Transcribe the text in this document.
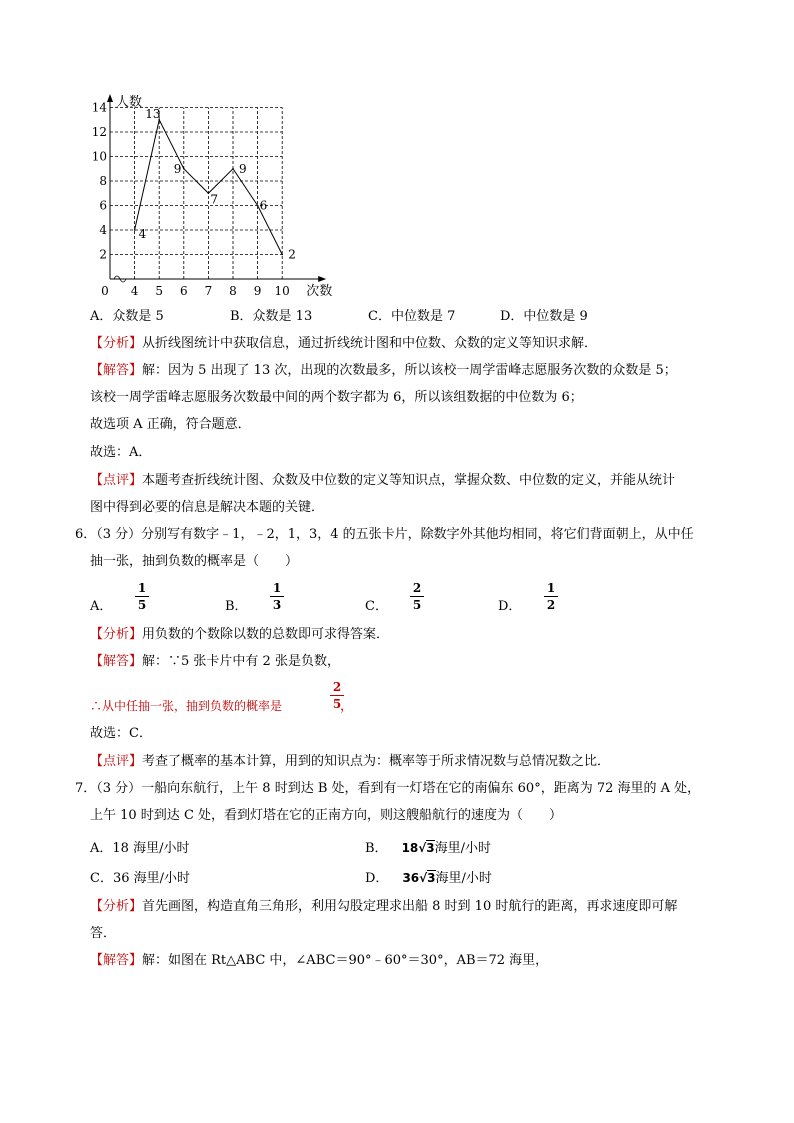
人数
次数
2
4
6
8
10
12
14
4 5 6 7 8 9 10
0
4
13
9
7
9
6
2
A．众数是 5	B．众数是 13	C．中位数是 7	D．中位数是 9
【分析】从折线图统计中获取信息，通过折线统计图和中位数、众数的定义等知识求解．
【解答】解：因为 5 出现了 13 次，出现的次数最多，所以该校一周学雷峰志愿服务次数的众数是 5；
该校一周学雷峰志愿服务次数最中间的两个数字都为 6，所以该组数据的中位数为 6；
故选项 A 正确，符合题意．
故选：A．
【点评】本题考查折线统计图、众数及中位数的定义等知识点，掌握众数、中位数的定义，并能从统计
图中得到必要的信息是解决本题的关键．
6．（3 分）分别写有数字﹣1，﹣2，1，3，4 的五张卡片，除数字外其他均相同，将它们背面朝上，从中任
抽一张，抽到负数的概率是（　　）
A．
1
5	B．
1
3	C．
2
5	D．
1
2
【分析】用负数的个数除以数的总数即可求得答案．
【解答】解：∵5 张卡片中有 2 张是负数，
∴从中任抽一张，抽到负数的概率是
2
5
，
故选：C．
【点评】考查了概率的基本计算，用到的知识点为：概率等于所求情况数与总情况数之比．
7．（3 分）一船向东航行，上午 8 时到达 B 处，看到有一灯塔在它的南偏东 60°，距离为 72 海里的 A 处，
上午 10 时到达 C 处，看到灯塔在它的正南方向，则这艘船航行的速度为（　　）
A．18 海里/小时	B． 18√3海里/小时
C．36 海里/小时	D． 36√3海里/小时
【分析】首先画图，构造直角三角形，利用勾股定理求出船 8 时到 10 时航行的距离，再求速度即可解
答．
【解答】解：如图在 Rt△ABC 中，∠ABC＝90°﹣60°＝30°，AB＝72 海里，
